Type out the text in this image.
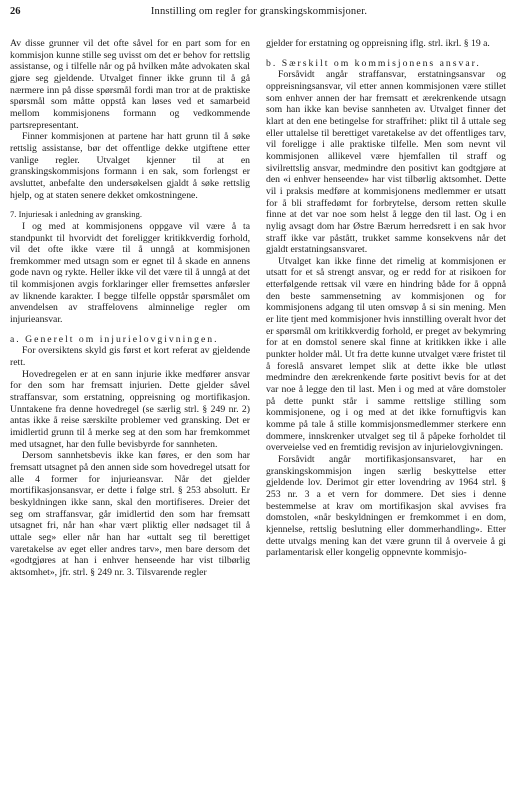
26	Innstilling om regler for granskingskommisjoner.

Av disse grunner vil det ofte såvel for en part som for en kommisjon kunne stille seg uvisst om det er behov for rettslig assistanse, og i tilfelle når og på hvilken måte advokaten skal gjøre seg gjeldende. Utvalget finner ikke grunn til å gå nærmere inn på disse spørsmål fordi man tror at de praktiske spørsmål som måtte oppstå kan løses ved et samarbeid mellom kommisjonens formann og vedkommende partsrepresentant.

Finner kommisjonen at partene har hatt grunn til å søke rettslig assistanse, bør det offentlige dekke utgiftene etter vanlige regler. Utvalget kjenner til at en granskingskommisjons formann i en sak, som forlengst er avsluttet, anbefalte den undersøkelsen gjaldt å søke rettslig hjelp, og at staten senere dekket omkostningene.

7. Injuriesak i anledning av gransking.

I og med at kommisjonens oppgave vil være å ta standpunkt til hvorvidt det foreligger kritikkverdig forhold, vil det ofte ikke være til å unngå at kommisjonen fremkommer med utsagn som er egnet til å skade en annens gode navn og rykte. Heller ikke vil det være til å unngå at det til kommisjonen avgis forklaringer eller fremsettes anførsler av liknende karakter. I begge tilfelle oppstår spørsmålet om anvendelsen av straffelovens alminnelige regler om injurieansvar.

a. Generelt om injurielovgivningen.

For oversiktens skyld gis først et kort referat av gjeldende rett.

Hovedregelen er at en sann injurie ikke medfører ansvar for den som har fremsatt injurien. Dette gjelder såvel straffansvar, som erstatning, oppreisning og mortifikasjon. Unntakene fra denne hovedregel (se særlig strl. § 249 nr. 2) antas ikke å reise særskilte problemer ved gransking. Det er imidlertid grunn til å merke seg at den som har fremkommet med utsagnet, har den fulle bevisbyrde for sannheten.

Dersom sannhetsbevis ikke kan føres, er den som har fremsatt utsagnet på den annen side som hovedregel utsatt for alle 4 former for injurieansvar. Når det gjelder mortifikasjonsansvar, er dette i følge strl. § 253 absolutt. Er beskyldningen ikke sann, skal den mortifiseres. Dreier det seg om straffansvar, går imidlertid den som har fremsatt utsagnet fri, når han «har vært pliktig eller nødsaget til å uttale seg» eller når han har «uttalt seg til berettiget varetakelse av eget eller andres tarv», men bare dersom det «godtgjøres at han i enhver henseende har vist tilbørlig aktsomhet», jfr. strl. § 249 nr. 3. Tilsvarende regler

gjelder for erstatning og oppreisning iflg. strl. ikrl. § 19 a.

b. Særskilt om kommisjonens ansvar.

Forsåvidt angår straffansvar, erstatningsansvar og oppreisningsansvar, vil etter annen kommisjonen være stillet som enhver annen der har fremsatt et ærekrenkende utsagn som han ikke kan bevise sannheten av. Utvalget finner det klart at den ene betingelse for straffrihet: plikt til å uttale seg eller uttalelse til berettiget varetakelse av det offentliges tarv, vil foreligge i alle praktiske tilfelle. Men som nevnt vil kommisjonen allikevel være hjemfallen til straff og sivilrettslig ansvar, medmindre den positivt kan godtgjøre at den «i enhver henseende» har vist tilbørlig aktsomhet. Dette vil i praksis medføre at kommisjonens medlemmer er utsatt for å bli straffedømt for forbrytelse, dersom retten skulle finne at det var noe som helst å legge den til last. Og i en nylig avsagt dom har Østre Bærum herredsrett i en sak hvor straff ikke var påstått, trukket samme konsekvens når det gjaldt erstatningsansvaret.

Utvalget kan ikke finne det rimelig at kommisjonen er utsatt for et så strengt ansvar, og er redd for at risikoen for etterfølgende rettsak vil være en hindring både for å oppnå den beste sammensetning av kommisjonen og for kommisjonens adgang til uten omsvøp å si sin mening. Men er lite tjent med kommisjoner hvis innstilling overalt hvor det er spørsmål om kritikkverdig forhold, er preget av bekymring for at en domstol senere skal finne at kritikken ikke i alle punkter holder mål. Ut fra dette kunne utvalget være fristet til å foreslå ansvaret lempet slik at dette ikke ble utløst medmindre den ærekrenkende førte positivt bevis for at det var noe å legge den til last. Men i og med at våre domstoler på dette punkt står i samme rettslige stilling som kommisjonene, og i og med at det ikke fornuftigvis kan komme på tale å stille kommisjonsmedlemmer sterkere enn dommere, innskrenker utvalget seg til å påpeke forholdet til overveielse ved en fremtidig revisjon av injurielovgivningen.

Forsåvidt angår mortifikasjonsansvaret, har en granskingskommisjon ingen særlig beskyttelse etter gjeldende lov. Derimot gir etter lovendring av 1964 strl. § 253 nr. 3 a et vern for dommere. Det sies i denne bestemmelse at krav om mortifikasjon skal avvises fra domstolen, «når beskyldningen er fremkommet i en dom, kjennelse, rettslig beslutning eller dommerhandling». Etter dette utvalgs mening kan det være grunn til å overveie å gi parlamentarisk eller kongelig oppnevnte kommisjo-
